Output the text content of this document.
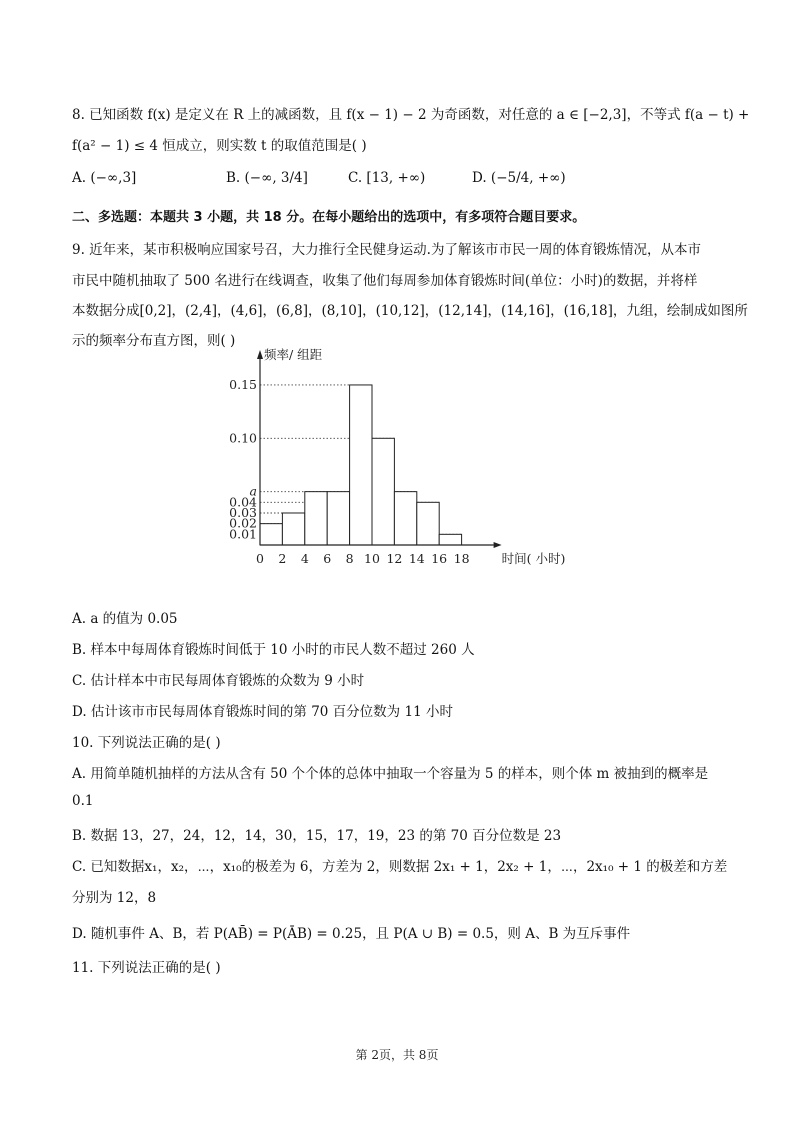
8. 已知函数 f(x) 是定义在 R 上的减函数，且 f(x − 1) − 2 为奇函数，对任意的 a ∈ [−2,3]，不等式 f(a − t) +
f(a² − 1) ≤ 4 恒成立，则实数 t 的取值范围是( )
A. (−∞,3]	B. (−∞, 3/4]	C. [13, +∞)	D. (−5/4, +∞)
二、多选题：本题共 3 小题，共 18 分。在每小题给出的选项中，有多项符合题目要求。
9. 近年来，某市积极响应国家号召，大力推行全民健身运动.为了解该市市民一周的体育锻炼情况，从本市
市民中随机抽取了 500 名进行在线调查，收集了他们每周参加体育锻炼时间(单位：小时)的数据，并将样
本数据分成[0,2]，(2,4]，(4,6]，(6,8]，(8,10]，(10,12]，(12,14]，(14,16]，(16,18]，九组，绘制成如图所
示的频率分布直方图，则( )
0 2 4 6 8 10 12 14 16 18
0.01
0.02
0.03
0.04
a
0.10
0.15
频率/ 组距
时间( 小时)
A. a 的值为 0.05
B. 样本中每周体育锻炼时间低于 10 小时的市民人数不超过 260 人
C. 估计样本中市民每周体育锻炼的众数为 9 小时
D. 估计该市市民每周体育锻炼时间的第 70 百分位数为 11 小时
10. 下列说法正确的是( )
A. 用简单随机抽样的方法从含有 50 个个体的总体中抽取一个容量为 5 的样本，则个体 m 被抽到的概率是
0.1
B. 数据 13，27，24，12，14，30，15，17，19，23 的第 70 百分位数是 23
C. 已知数据x₁，x₂，⋯，x₁₀的极差为 6，方差为 2，则数据 2x₁ + 1，2x₂ + 1，⋯，2x₁₀ + 1 的极差和方差
分别为 12，8
D. 随机事件 A、B，若 P(AB̄) = P(ĀB) = 0.25，且 P(A ∪ B) = 0.5，则 A、B 为互斥事件
11. 下列说法正确的是( )
第 2页，共 8页
